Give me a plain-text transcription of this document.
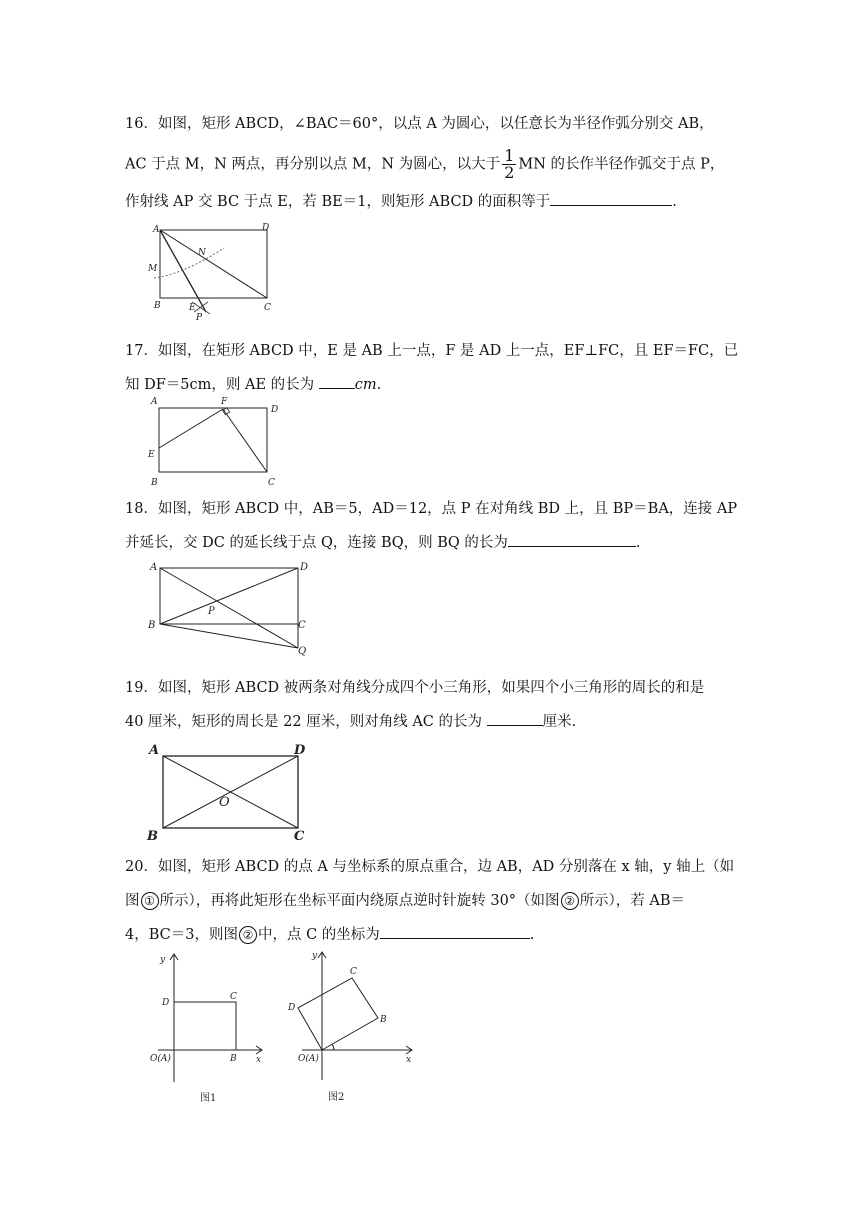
16．如图，矩形 ABCD，∠BAC＝60°，以点 A 为圆心，以任意长为半径作弧分别交 AB，
AC 于点 M，N 两点，再分别以点 M，N 为圆心，以大于 $\frac{1}{2}$ MN 的长作半径作弧交于点 P，
作射线 AP 交 BC 于点 E，若 BE＝1，则矩形 ABCD 的面积等于	.
A	D
N
M
B	E	C
P
17．如图，在矩形 ABCD 中，E 是 AB 上一点，F 是 AD 上一点，EF⊥FC，且 EF＝FC，已
知 DF＝5cm，则 AE 的长为	cm.
A	F
D
E
B	C
18．如图，矩形 ABCD 中，AB＝5，AD＝12，点 P 在对角线 BD 上，且 BP＝BA，连接 AP
并延长，交 DC 的延长线于点 Q，连接 BQ，则 BQ 的长为	.
A	D
P
B	C
Q
19．如图，矩形 ABCD 被两条对角线分成四个小三角形，如果四个小三角形的周长的和是
40 厘米，矩形的周长是 22 厘米，则对角线 AC 的长为	厘米.
A	D
O
B	C
20．如图，矩形 ABCD 的点 A 与坐标系的原点重合，边 AB，AD 分别落在 x 轴，y 轴上（如
图 ① 所示），再将此矩形在坐标平面内绕原点逆时针旋转 30°（如图 ② 所示），若 AB＝
4，BC＝3，则图 ② 中，点 C 的坐标为	.
y
x
D
C
O(A)	B
图1
y
x
C
D
B
O(A)
图2
